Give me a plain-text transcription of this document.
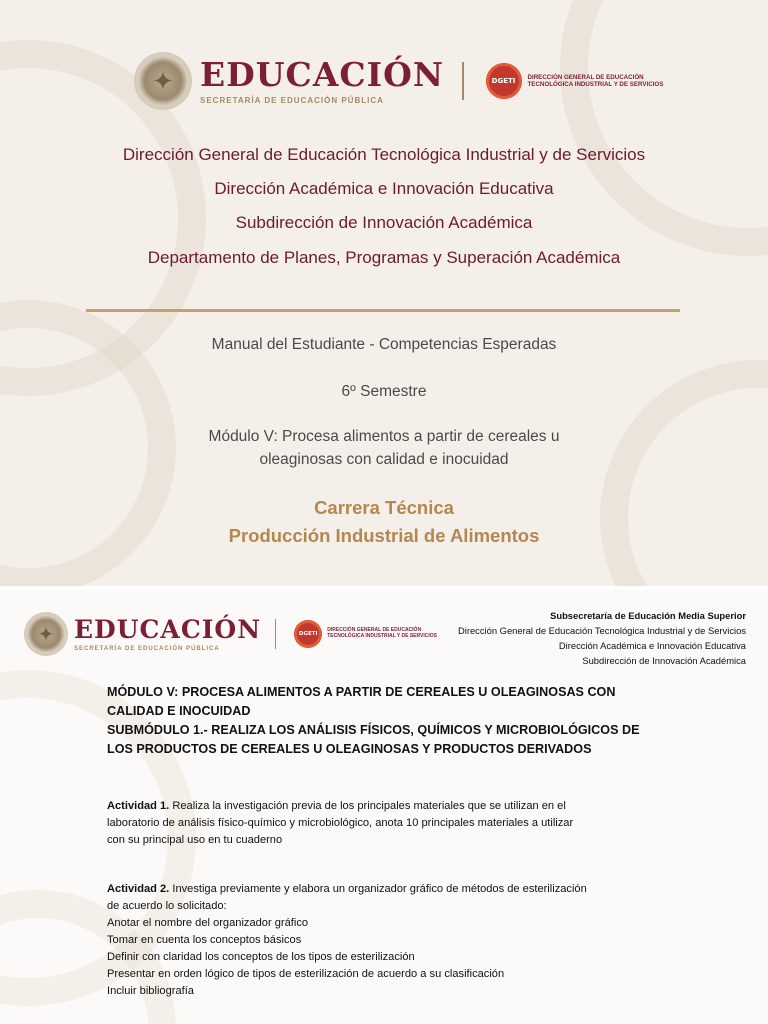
✦ EDUCACIÓN
SECRETARÍA DE EDUCACIÓN PÚBLICA
DGETI	DIRECCIÓN GENERAL DE EDUCACIÓN
TECNOLÓGICA INDUSTRIAL Y DE SERVICIOS
Dirección General de Educación Tecnológica Industrial y de Servicios
Dirección Académica e Innovación Educativa
Subdirección de Innovación Académica
Departamento de Planes, Programas y Superación Académica
Manual del Estudiante - Competencias Esperadas
6º Semestre
Módulo V: Procesa alimentos a partir de cereales u
oleaginosas con calidad e inocuidad
Carrera Técnica
Producción Industrial de Alimentos
✦ EDUCACIÓN
SECRETARÍA DE EDUCACIÓN PÚBLICA
DGETI
DIRECCIÓN GENERAL DE EDUCACIÓN
TECNOLÓGICA INDUSTRIAL Y DE SERVICIOS
Subsecretaría de Educación Media Superior
Dirección General de Educación Tecnológica Industrial y de Servicios
Dirección Académica e Innovación Educativa
Subdirección de Innovación Académica
MÓDULO V: PROCESA ALIMENTOS A PARTIR DE CEREALES U OLEAGINOSAS CON
CALIDAD E INOCUIDAD
SUBMÓDULO 1.- REALIZA LOS ANÁLISIS FÍSICOS, QUÍMICOS Y MICROBIOLÓGICOS DE
LOS PRODUCTOS DE CEREALES U OLEAGINOSAS Y PRODUCTOS DERIVADOS
Actividad 1. Realiza la investigación previa de los principales materiales que se utilizan en el
laboratorio de análisis físico-químico y microbiológico, anota 10 principales materiales a utilizar
con su principal uso en tu cuaderno
Actividad 2. Investiga previamente y elabora un organizador gráfico de métodos de esterilización
de acuerdo lo solicitado:
Anotar el nombre del organizador gráfico
Tomar en cuenta los conceptos básicos
Definir con claridad los conceptos de los tipos de esterilización
Presentar en orden lógico de tipos de esterilización de acuerdo a su clasificación
Incluir bibliografía
